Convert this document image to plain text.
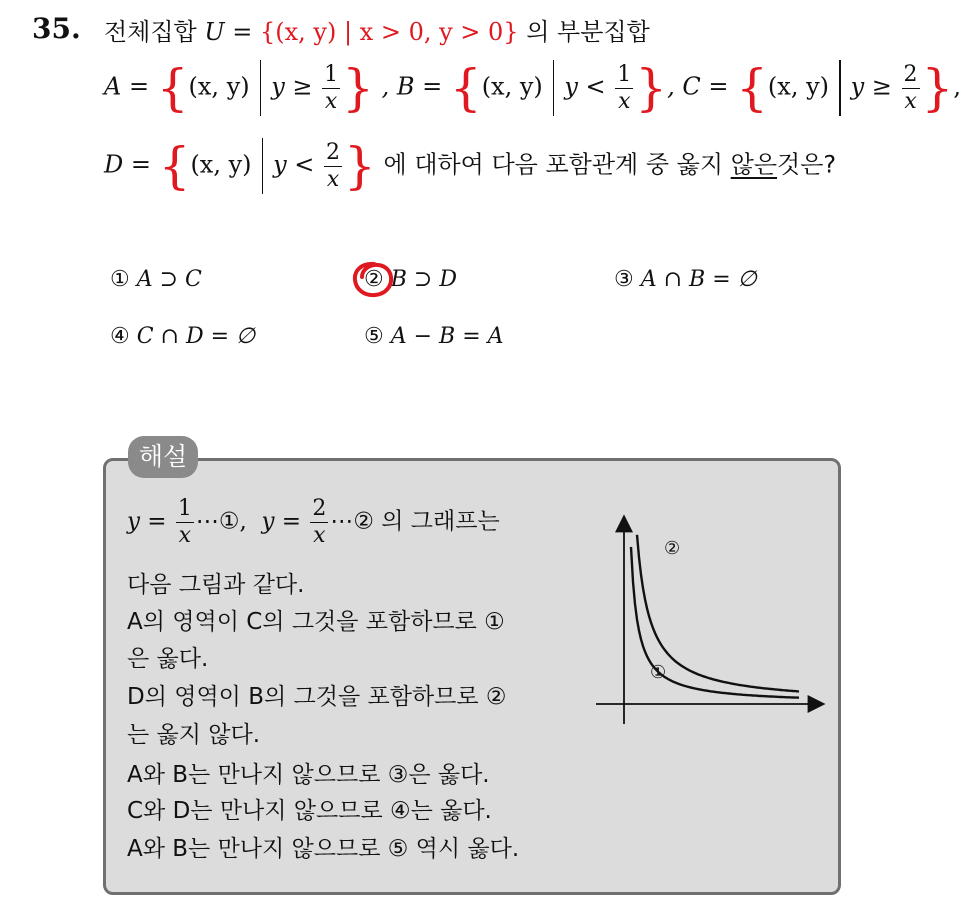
35. 전체집합 U = {(x, y) | x > 0, y > 0} 의 부분집합
A = {(x, y) $y \ge \frac{1}{x}$ } , B = {(x, y) $y < \frac{1}{x}$ }, C = {(x, y) $y \ge \frac{2}{x}$ },
D = {(x, y) $y < \frac{2}{x}$ } 에 대하여 다음 포함관계 중 옳지 않은것은?
① A ⊃ C	② B ⊃ D	③ A ∩ B = ∅
④ C ∩ D = ∅	⑤ A − B = A
해설
$y = \frac{1}{x}$ ⋯①, $y = \frac{2}{x}$ ⋯② 의 그래프는
다음 그림과 같다.
A의 영역이 C의 그것을 포함하므로 ①
은 옳다.
D의 영역이 B의 그것을 포함하므로 ②
는 옳지 않다.
A와 B는 만나지 않으므로 ③은 옳다.
C와 D는 만나지 않으므로 ④는 옳다.
A와 B는 만나지 않으므로 ⑤ 역시 옳다.
①
②
